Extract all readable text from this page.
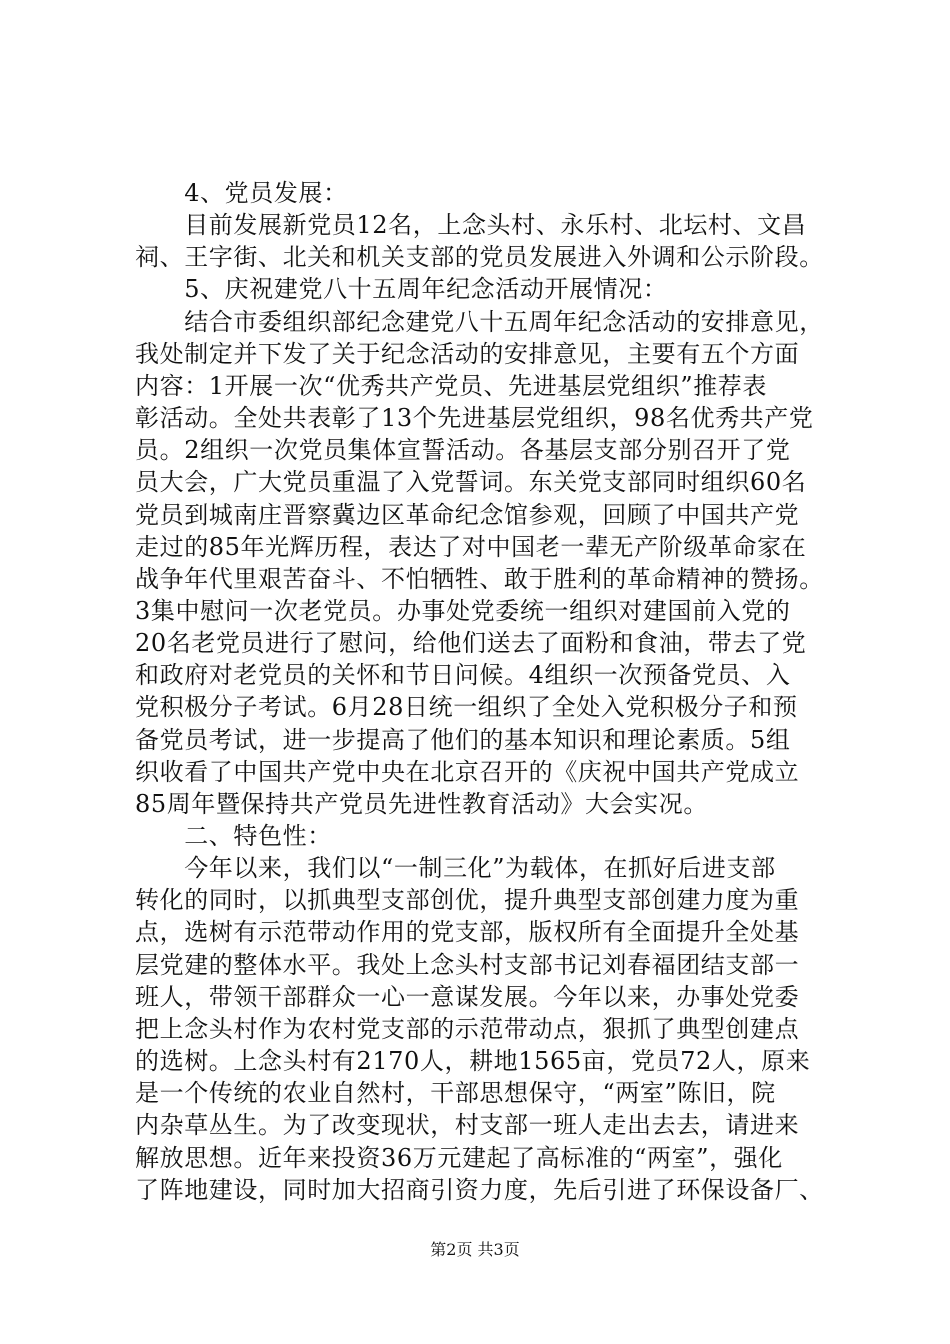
　　4、党员发展：
　　目前发展新党员12名，上念头村、永乐村、北坛村、文昌
祠、王字街、北关和机关支部的党员发展进入外调和公示阶段。
　　5、庆祝建党八十五周年纪念活动开展情况：
　　结合市委组织部纪念建党八十五周年纪念活动的安排意见，
我处制定并下发了关于纪念活动的安排意见，主要有五个方面
内容：1开展一次“优秀共产党员、先进基层党组织”推荐表
彰活动。全处共表彰了13个先进基层党组织，98名优秀共产党
员。2组织一次党员集体宣誓活动。各基层支部分别召开了党
员大会，广大党员重温了入党誓词。东关党支部同时组织60名
党员到城南庄晋察冀边区革命纪念馆参观，回顾了中国共产党
走过的85年光辉历程，表达了对中国老一辈无产阶级革命家在
战争年代里艰苦奋斗、不怕牺牲、敢于胜利的革命精神的赞扬。
3集中慰问一次老党员。办事处党委统一组织对建国前入党的
20名老党员进行了慰问，给他们送去了面粉和食油，带去了党
和政府对老党员的关怀和节日问候。4组织一次预备党员、入
党积极分子考试。6月28日统一组织了全处入党积极分子和预
备党员考试，进一步提高了他们的基本知识和理论素质。5组
织收看了中国共产党中央在北京召开的《庆祝中国共产党成立
85周年暨保持共产党员先进性教育活动》大会实况。
　　二、特色性：
　　今年以来，我们以“一制三化”为载体，在抓好后进支部
转化的同时，以抓典型支部创优，提升典型支部创建力度为重
点，选树有示范带动作用的党支部，版权所有全面提升全处基
层党建的整体水平。我处上念头村支部书记刘春福团结支部一
班人，带领干部群众一心一意谋发展。今年以来，办事处党委
把上念头村作为农村党支部的示范带动点，狠抓了典型创建点
的选树。上念头村有2170人，耕地1565亩，党员72人，原来
是一个传统的农业自然村，干部思想保守，“两室”陈旧，院
内杂草丛生。为了改变现状，村支部一班人走出去去，请进来
解放思想。近年来投资36万元建起了高标准的“两室”，强化
了阵地建设，同时加大招商引资力度，先后引进了环保设备厂、
第2页 共3页
